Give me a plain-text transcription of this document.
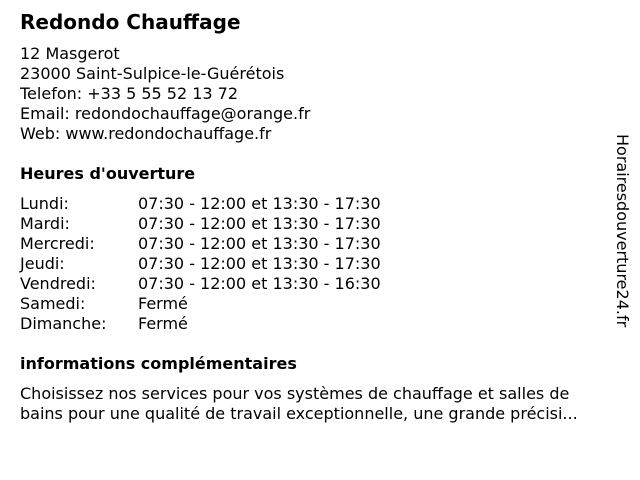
Redondo Chauffage
12 Masgerot
23000 Saint-Sulpice-le-Guérétois
Telefon: +33 5 55 52 13 72
Email: redondochauffage@orange.fr
Web: www.redondochauffage.fr
Heures d'ouverture
Lundi:	07:30 - 12:00 et 13:30 - 17:30
Mardi:	07:30 - 12:00 et 13:30 - 17:30
Mercredi:	07:30 - 12:00 et 13:30 - 17:30
Jeudi:	07:30 - 12:00 et 13:30 - 17:30
Vendredi:	07:30 - 12:00 et 13:30 - 16:30
Samedi:	Fermé
Dimanche: Fermé
informations complémentaires
Choisissez nos services pour vos systèmes de chauffage et salles de
bains pour une qualité de travail exceptionnelle, une grande précisi...
Horairesdouverture24.fr
